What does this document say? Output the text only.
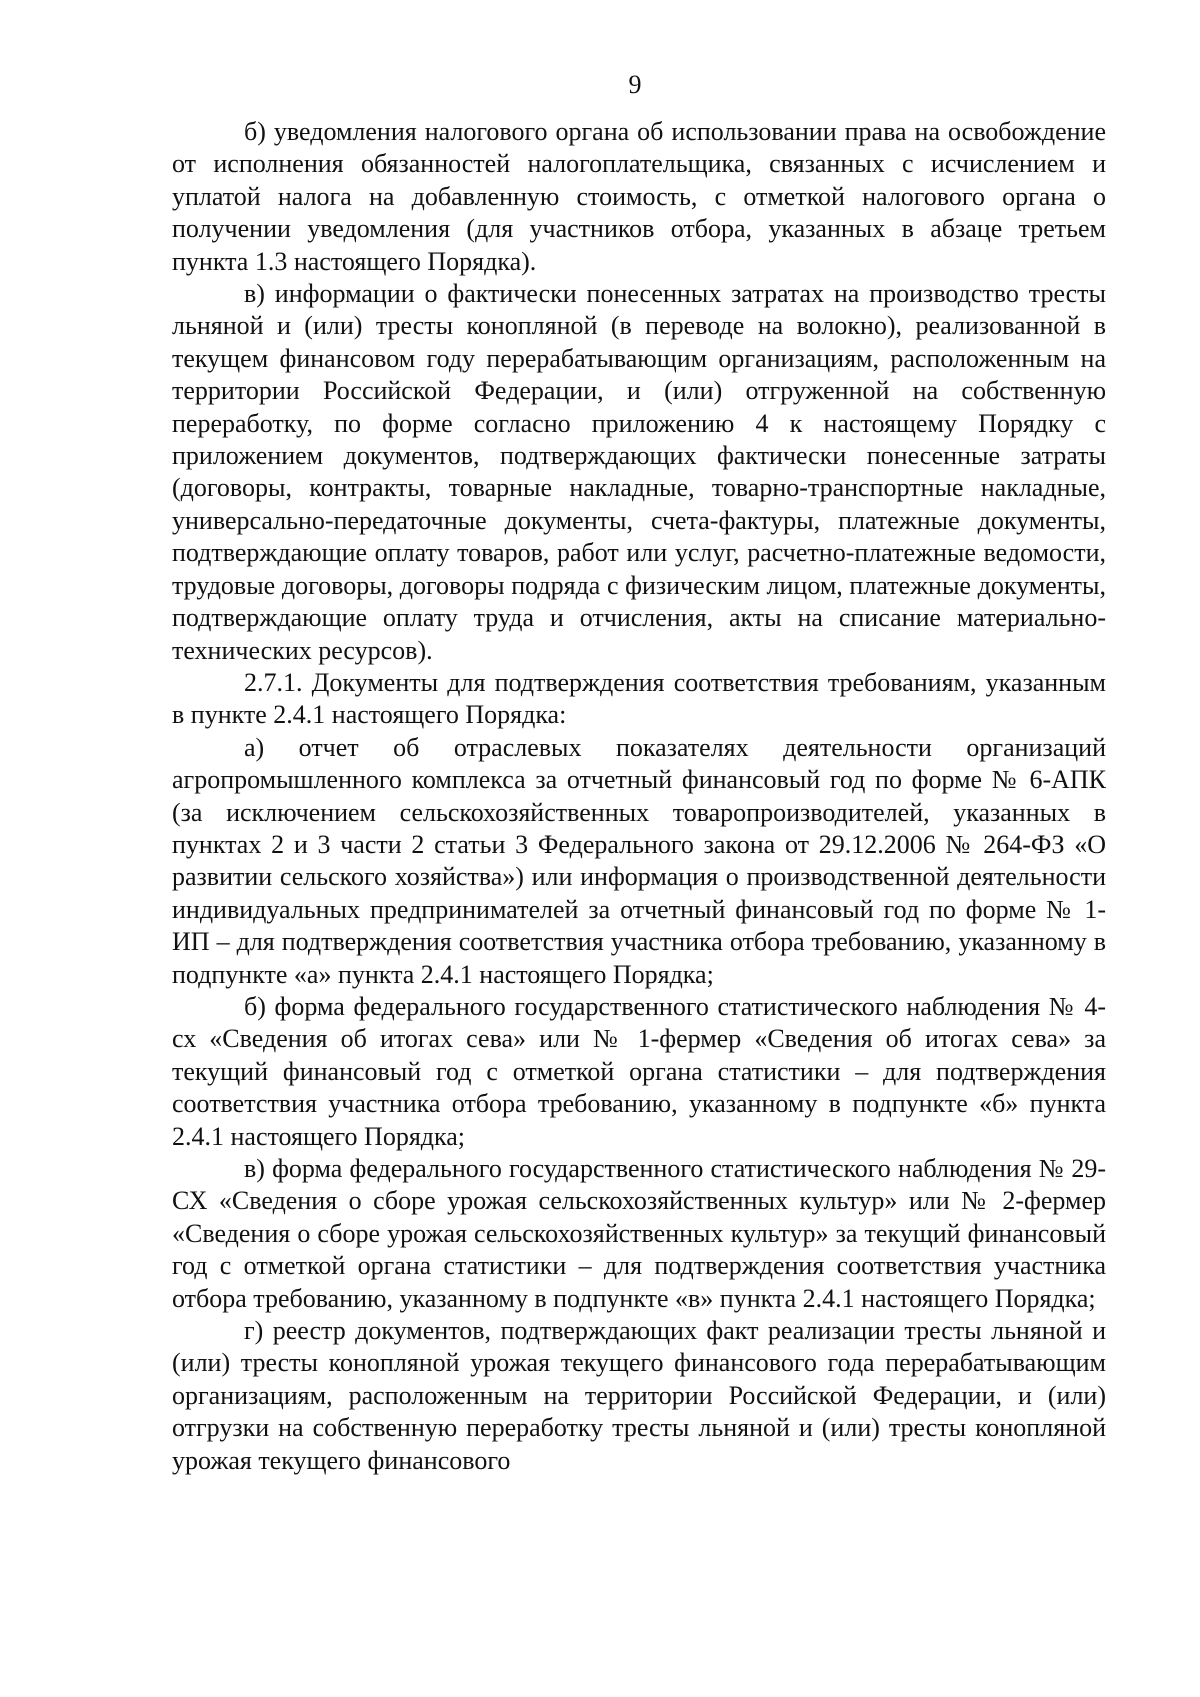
9

б) уведомления налогового органа об использовании права на освобождение от исполнения обязанностей налогоплательщика, связанных с исчислением и уплатой налога на добавленную стоимость, с отметкой налогового органа о получении уведомления (для участников отбора, указанных в абзаце третьем пункта 1.3 настоящего Порядка).

в) информации о фактически понесенных затратах на производство тресты льняной и (или) тресты конопляной (в переводе на волокно), реализованной в текущем финансовом году перерабатывающим организациям, расположенным на территории Российской Федерации, и (или) отгруженной на собственную переработку, по форме согласно приложению 4 к настоящему Порядку с приложением документов, подтверждающих фактически понесенные затраты (договоры, контракты, товарные накладные, товарно-транспортные накладные, универсально-передаточные документы, счета-фактуры, платежные документы, подтверждающие оплату товаров, работ или услуг, расчетно-платежные ведомости, трудовые договоры, договоры подряда с физическим лицом, платежные документы, подтверждающие оплату труда и отчисления, акты на списание материально-технических ресурсов).

2.7.1. Документы для подтверждения соответствия требованиям, указанным в пункте 2.4.1 настоящего Порядка:

а) отчет об отраслевых показателях деятельности организаций агропромышленного комплекса за отчетный финансовый год по форме № 6-АПК (за исключением сельскохозяйственных товаропроизводителей, указанных в пунктах 2 и 3 части 2 статьи 3 Федерального закона от 29.12.2006 № 264-ФЗ «О развитии сельского хозяйства») или информация о производственной деятельности индивидуальных предпринимателей за отчетный финансовый год по форме № 1-ИП – для подтверждения соответствия участника отбора требованию, указанному в подпункте «а» пункта 2.4.1 настоящего Порядка;

б) форма федерального государственного статистического наблюдения № 4-сх «Сведения об итогах сева» или № 1-фермер «Сведения об итогах сева» за текущий финансовый год с отметкой органа статистики – для подтверждения соответствия участника отбора требованию, указанному в подпункте «б» пункта 2.4.1 настоящего Порядка;

в) форма федерального государственного статистического наблюдения № 29-СХ «Сведения о сборе урожая сельскохозяйственных культур» или № 2-фермер «Сведения о сборе урожая сельскохозяйственных культур» за текущий финансовый год с отметкой органа статистики – для подтверждения соответствия участника отбора требованию, указанному в подпункте «в» пункта 2.4.1 настоящего Порядка;

г) реестр документов, подтверждающих факт реализации тресты льняной и (или) тресты конопляной урожая текущего финансового года перерабатывающим организациям, расположенным на территории Российской Федерации, и (или) отгрузки на собственную переработку тресты льняной и (или) тресты конопляной урожая текущего финансового
